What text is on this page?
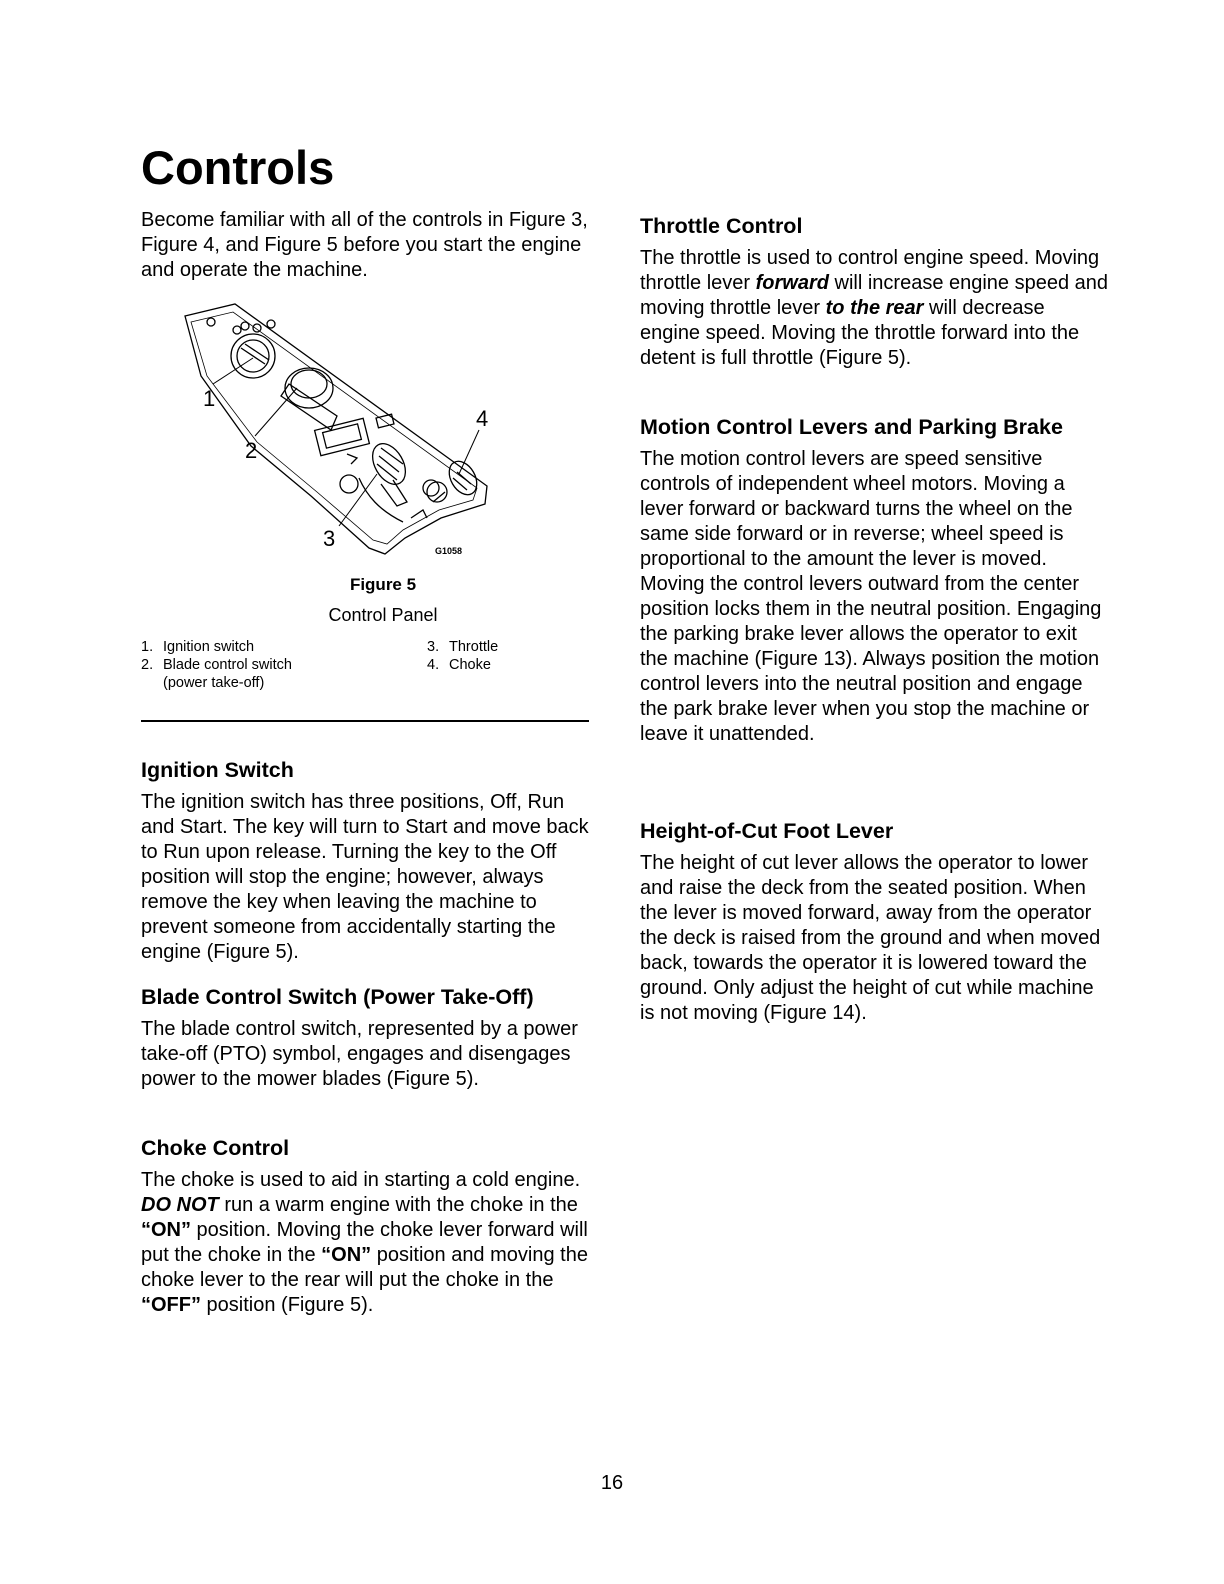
Controls

Become familiar with all of the controls in Figure 3, Figure 4, and Figure 5 before you start the engine and operate the machine.

1
2
3
4
G1058
Figure 5
Control Panel
1. Ignition switch
2. Blade control switch
(power take-off)
3. Throttle
4. Choke
Ignition Switch

The ignition switch has three positions, Off, Run and Start. The key will turn to Start and move back to Run upon release. Turning the key to the Off position will stop the engine; however, always remove the key when leaving the machine to prevent someone from accidentally starting the engine (Figure 5).

Blade Control Switch (Power Take-Off)

The blade control switch, represented by a power take-off (PTO) symbol, engages and disengages power to the mower blades (Figure 5).

Choke Control

The choke is used to aid in starting a cold engine. DO NOT run a warm engine with the choke in the “ON” position. Moving the choke lever forward will put the choke in the “ON” position and moving the choke lever to the rear will put the choke in the “OFF” position (Figure 5).

Throttle Control

The throttle is used to control engine speed. Moving throttle lever forward will increase engine speed and moving throttle lever to the rear will decrease engine speed. Moving the throttle forward into the detent is full throttle (Figure 5).

Motion Control Levers and Parking Brake

The motion control levers are speed sensitive controls of independent wheel motors. Moving a lever forward or backward turns the wheel on the same side forward or in reverse; wheel speed is proportional to the amount the lever is moved. Moving the control levers outward from the center position locks them in the neutral position. Engaging the parking brake lever allows the operator to exit the machine (Figure 13). Always position the motion control levers into the neutral position and engage the park brake lever when you stop the machine or leave it unattended.

Height-of-Cut Foot Lever

The height of cut lever allows the operator to lower and raise the deck from the seated position. When the lever is moved forward, away from the operator the deck is raised from the ground and when moved back, towards the operator it is lowered toward the ground. Only adjust the height of cut while machine is not moving (Figure 14).

16
